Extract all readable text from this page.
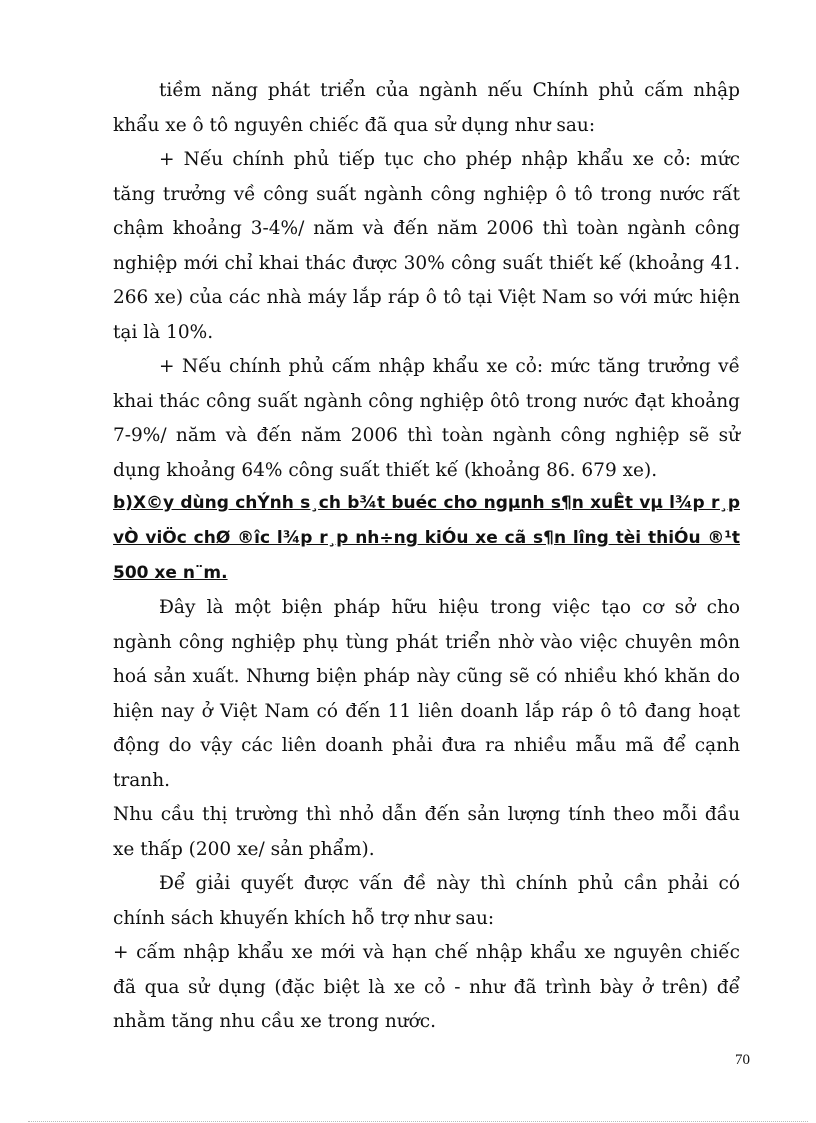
tiềm năng phát triển của ngành nếu Chính phủ cấm nhập khẩu xe ô tô nguyên chiếc đã qua sử dụng như sau:

+ Nếu chính phủ tiếp tục cho phép nhập khẩu xe cỏ: mức tăng trưởng về công suất ngành công nghiệp ô tô trong nước rất chậm khoảng 3-4%/ năm và đến năm 2006 thì toàn ngành công nghiệp mới chỉ khai thác được 30% công suất thiết kế (khoảng 41. 266 xe) của các nhà máy lắp ráp ô tô tại Việt Nam so với mức hiện tại là 10%.

+ Nếu chính phủ cấm nhập khẩu xe cỏ: mức tăng trưởng về khai thác công suất ngành công nghiệp ôtô trong nước đạt khoảng 7-9%/ năm và đến năm 2006 thì toàn ngành công nghiệp sẽ sử dụng khoảng 64% công suất thiết kế (khoảng 86. 679 xe).

b)X©y dùng chÝnh s¸ch b¾t buéc cho ngµnh s¶n xuÊt vµ l¾p r¸p vÒ viÖc chØ ®îc l¾p r¸p nh÷ng kiÓu xe cã s¶n lîng tèi thiÓu ®¹t 500 xe n¨m.

Đây là một biện pháp hữu hiệu trong việc tạo cơ sở cho ngành công nghiệp phụ tùng phát triển nhờ vào việc chuyên môn hoá sản xuất. Nhưng biện pháp này cũng sẽ có nhiều khó khăn do hiện nay ở Việt Nam có đến 11 liên doanh lắp ráp ô tô đang hoạt động do vậy các liên doanh phải đưa ra nhiều mẫu mã để cạnh tranh.

Nhu cầu thị trường thì nhỏ dẫn đến sản lượng tính theo mỗi đầu xe thấp (200 xe/ sản phẩm).

Để giải quyết được vấn đề này thì chính phủ cần phải có chính sách khuyến khích hỗ trợ như sau:

+ cấm nhập khẩu xe mới và hạn chế nhập khẩu xe nguyên chiếc đã qua sử dụng (đặc biệt là xe cỏ - như đã trình bày ở trên) để nhằm tăng nhu cầu xe trong nước.

70
